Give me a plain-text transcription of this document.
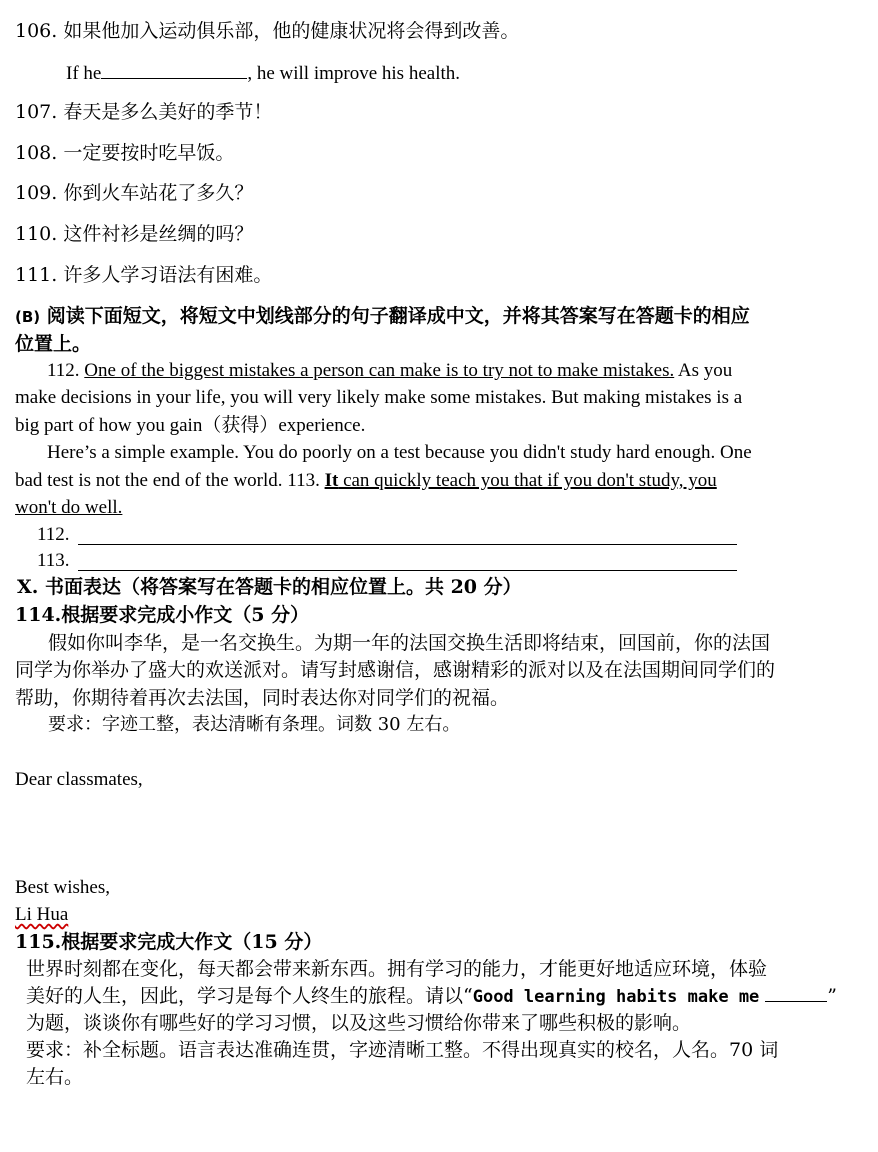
106. 如果他加入运动俱乐部，他的健康状况将会得到改善。
If he	, he will improve his health.
107. 春天是多么美好的季节！
108. 一定要按时吃早饭。
109. 你到火车站花了多久？
110. 这件衬衫是丝绸的吗？
111. 许多人学习语法有困难。
(B) 阅读下面短文，将短文中划线部分的句子翻译成中文，并将其答案写在答题卡的相应
位置上。
112. One of the biggest mistakes a person can make is to try not to make mistakes. As you
make decisions in your life, you will very likely make some mistakes. But making mistakes is a
big part of how you gain（获得）experience.
Here’s a simple example. You do poorly on a test because you didn't study hard enough. One
bad test is not the end of the world. 113. It can quickly teach you that if you don't study, you
won't do well.
112.
113.
Ⅹ. 书面表达（将答案写在答题卡的相应位置上。共 20 分）
114.根据要求完成小作文（5 分）
假如你叫李华，是一名交换生。为期一年的法国交换生活即将结束，回国前，你的法国
同学为你举办了盛大的欢送派对。请写封感谢信，感谢精彩的派对以及在法国期间同学们的
帮助，你期待着再次去法国，同时表达你对同学们的祝福。
要求：字迹工整，表达清晰有条理。词数 30 左右。
Dear classmates,
Best wishes,
Li Hua
115.根据要求完成大作文（15 分）
世界时刻都在变化，每天都会带来新东西。拥有学习的能力，才能更好地适应环境，体验
美好的人生，因此，学习是每个人终生的旅程。请以“Good learning habits make me	”
为题，谈谈你有哪些好的学习习惯，以及这些习惯给你带来了哪些积极的影响。
要求：补全标题。语言表达准确连贯，字迹清晰工整。不得出现真实的校名，人名。70 词
左右。
